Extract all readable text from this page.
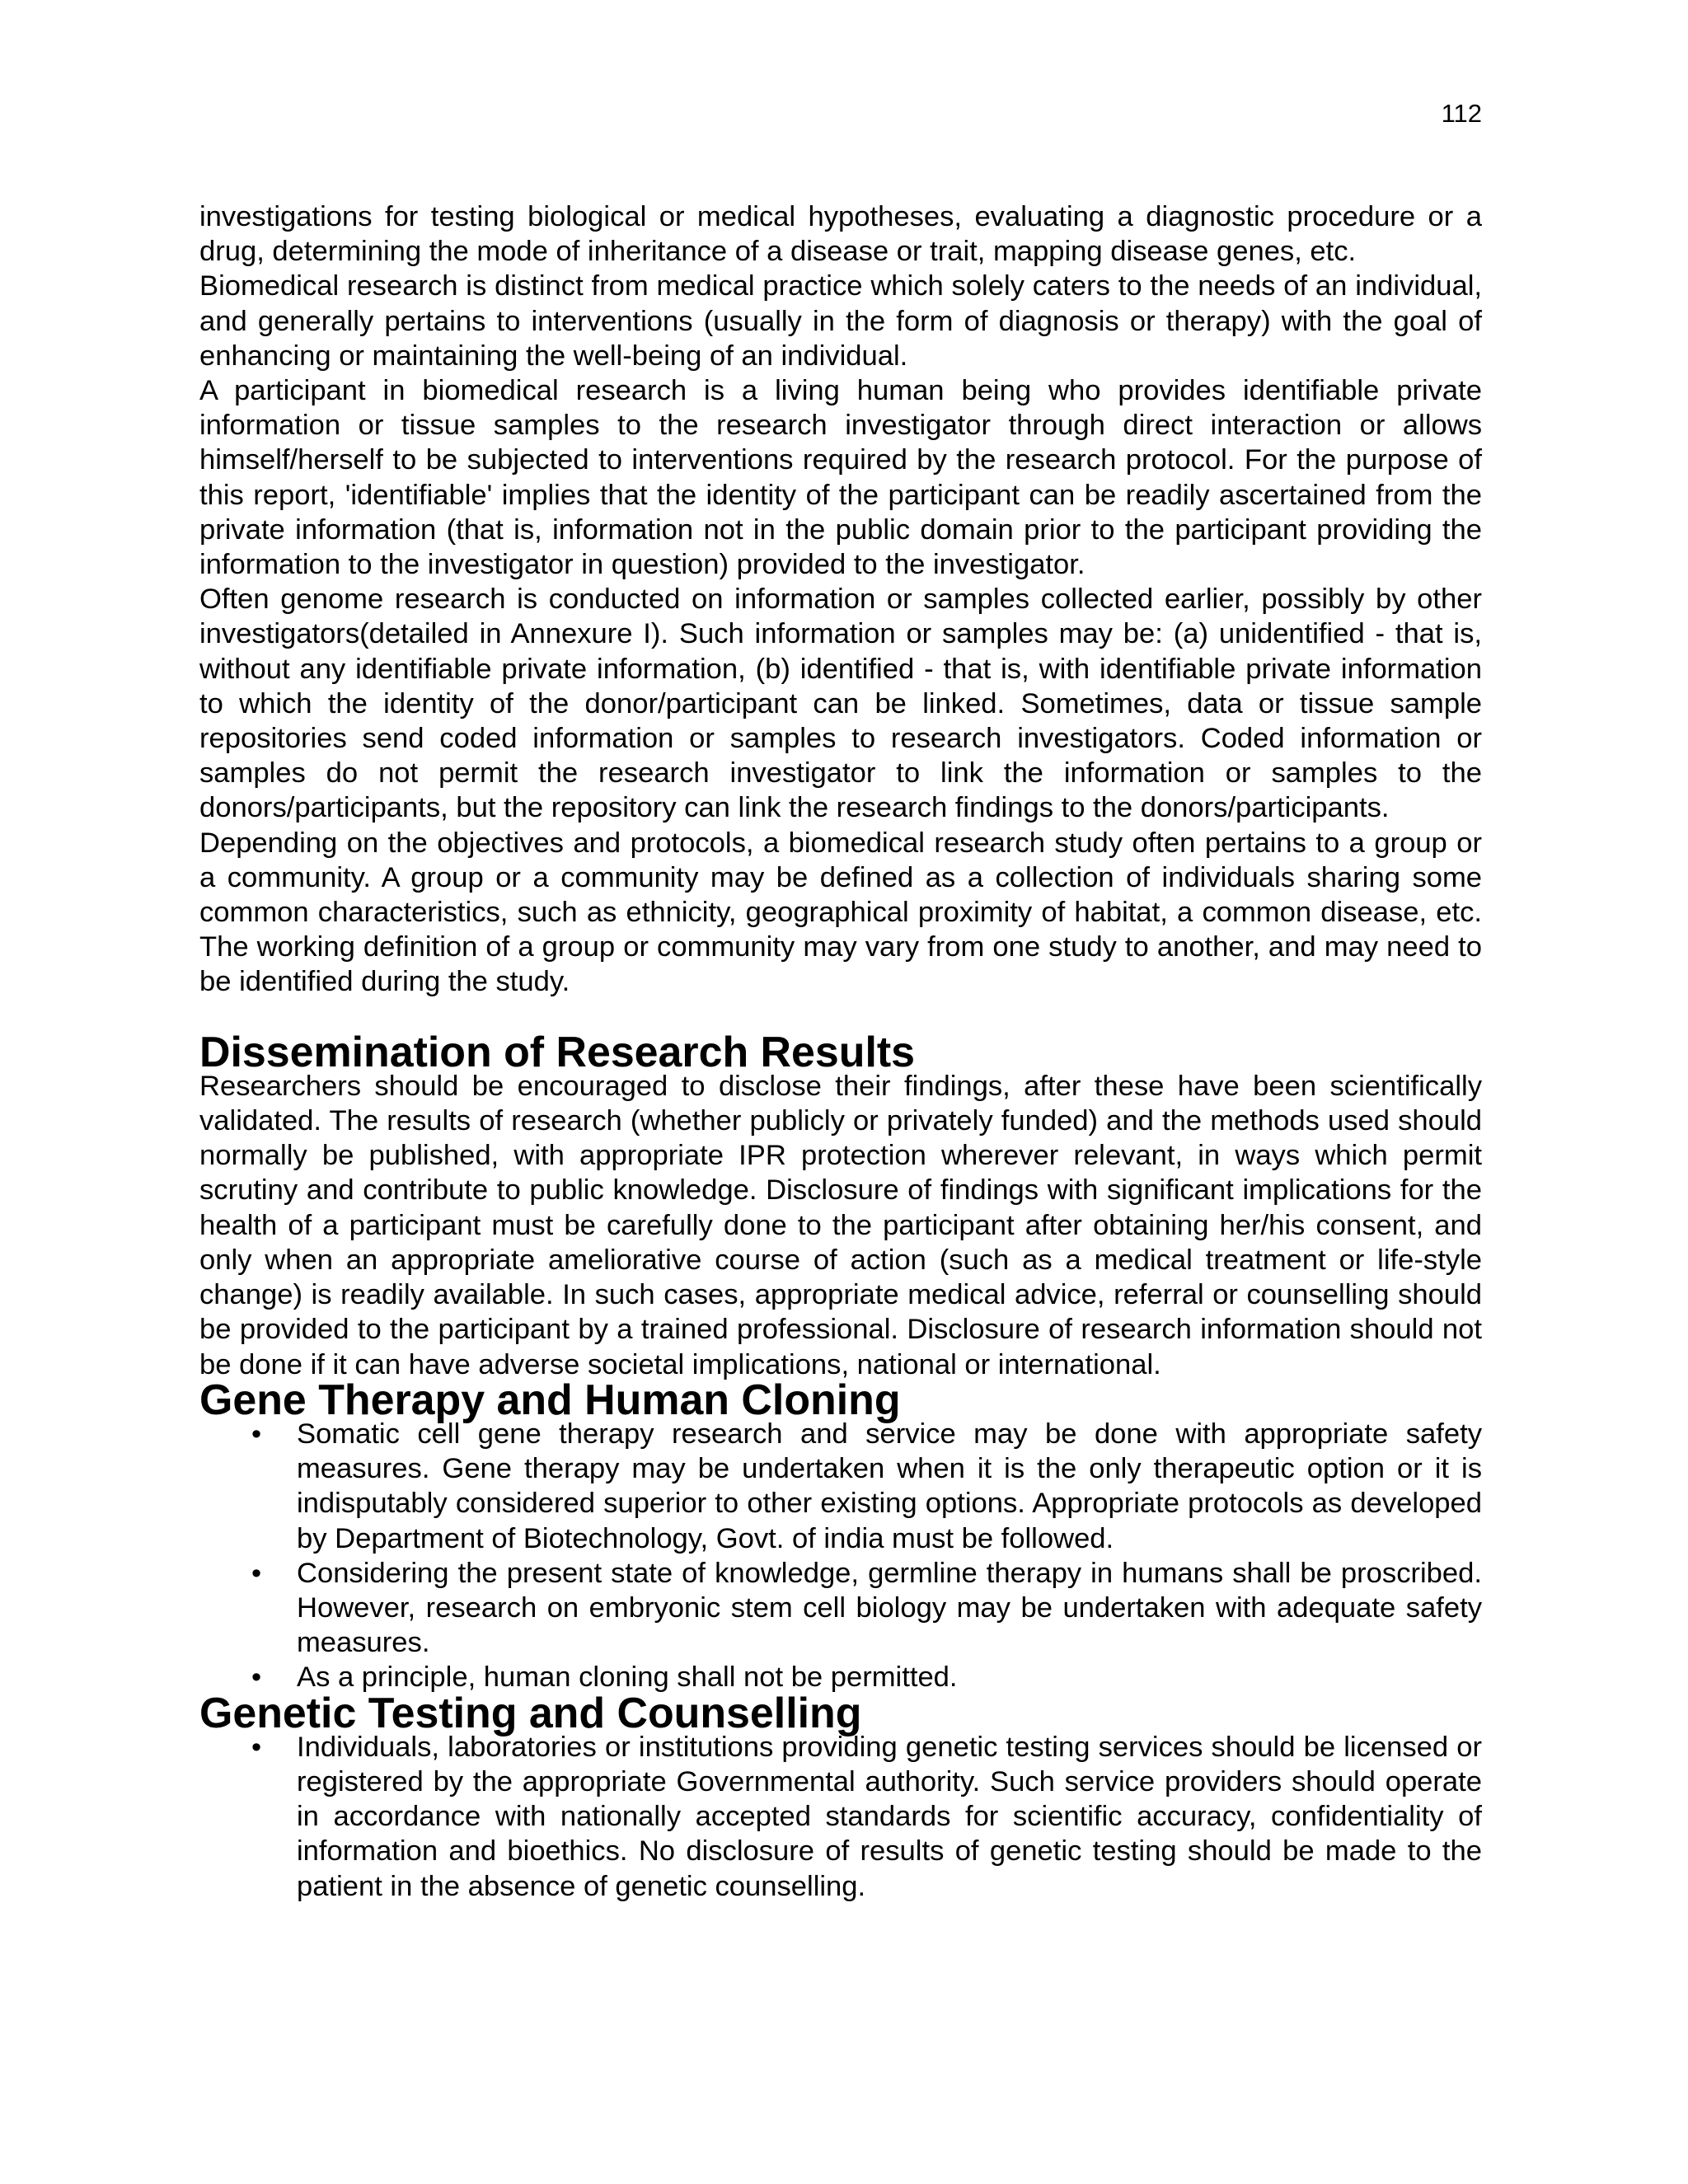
112

investigations for testing biological or medical hypotheses, evaluating a diagnostic procedure or a drug, determining the mode of inheritance of a disease or trait, mapping disease genes, etc.

Biomedical research is distinct from medical practice which solely caters to the needs of an individual, and generally pertains to interventions (usually in the form of diagnosis or therapy) with the goal of enhancing or maintaining the well-being of an individual.

A participant in biomedical research is a living human being who provides identifiable private information or tissue samples to the research investigator through direct interaction or allows himself/herself to be subjected to interventions required by the research protocol. For the purpose of this report, 'identifiable' implies that the identity of the participant can be readily ascertained from the private information (that is, information not in the public domain prior to the participant providing the information to the investigator in question) provided to the investigator.

Often genome research is conducted on information or samples collected earlier, possibly by other investigators(detailed in Annexure I). Such information or samples may be: (a) unidentified - that is, without any identifiable private information, (b) identified - that is, with identifiable private information to which the identity of the donor/participant can be linked. Sometimes, data or tissue sample repositories send coded information or samples to research investigators. Coded information or samples do not permit the research investigator to link the information or samples to the donors/participants, but the repository can link the research findings to the donors/participants.

Depending on the objectives and protocols, a biomedical research study often pertains to a group or a community. A group or a community may be defined as a collection of individuals sharing some common characteristics, such as ethnicity, geographical proximity of habitat, a common disease, etc. The working definition of a group or community may vary from one study to another, and may need to be identified during the study.

Dissemination of Research Results

Researchers should be encouraged to disclose their findings, after these have been scientifically validated. The results of research (whether publicly or privately funded) and the methods used should normally be published, with appropriate IPR protection wherever relevant, in ways which permit scrutiny and contribute to public knowledge. Disclosure of findings with significant implications for the health of a participant must be carefully done to the participant after obtaining her/his consent, and only when an appropriate ameliorative course of action (such as a medical treatment or life-style change) is readily available. In such cases, appropriate medical advice, referral or counselling should be provided to the participant by a trained professional. Disclosure of research information should not be done if it can have adverse societal implications, national or international.

Gene Therapy and Human Cloning
• Somatic cell gene therapy research and service may be done with appropriate safety measures. Gene therapy may be undertaken when it is the only therapeutic option or it is indisputably considered superior to other existing options. Appropriate protocols as developed by Department of Biotechnology, Govt. of india must be followed.
• Considering the present state of knowledge, germline therapy in humans shall be proscribed. However, research on embryonic stem cell biology may be undertaken with adequate safety measures.
• As a principle, human cloning shall not be permitted.
Genetic Testing and Counselling
• Individuals, laboratories or institutions providing genetic testing services should be licensed or registered by the appropriate Governmental authority. Such service providers should operate in accordance with nationally accepted standards for scientific accuracy, confidentiality of information and bioethics. No disclosure of results of genetic testing should be made to the patient in the absence of genetic counselling.
